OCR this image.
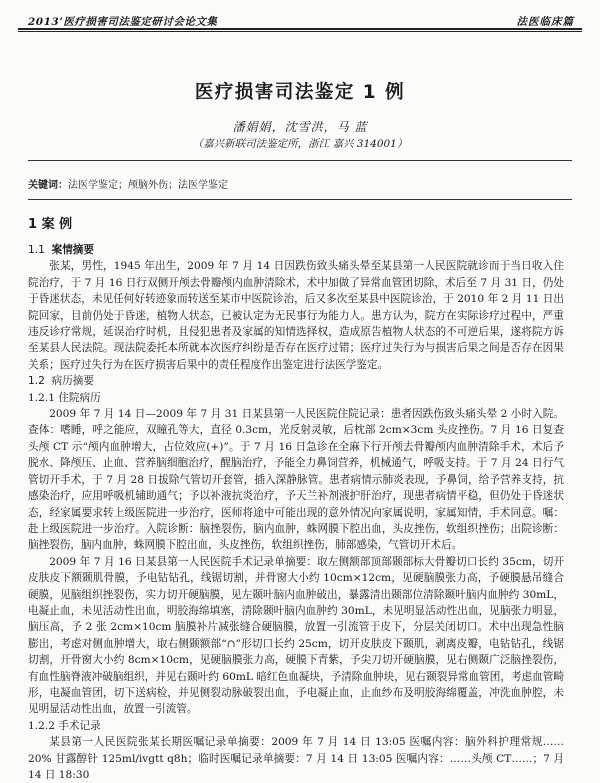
2013’医疗损害司法鉴定研讨会论文集	法医临床篇
医疗损害司法鉴定 1 例
潘娟娟，沈雪洪，马 蓝
（嘉兴新联司法鉴定所，浙江 嘉兴 314001）
关键词：法医学鉴定；颅脑外伤；法医学鉴定
1 案 例
1.1 案情摘要

张某，男性，1945 年出生，2009 年 7 月 14 日因跌伤致头痛头晕至某县第一人民医院就诊而于当日收入住院治疗，于 7 月 16 日行双侧开颅去骨瓣颅内血肿清除术，术中加做了异常血管团切除，术后至 7 月 31 日，仍处于昏迷状态，未见任何好转迹象而转送至某市中医院诊治，后又多次至某县中医院诊治，于 2010 年 2 月 11 日出院回家，目前仍处于昏迷，植物人状态，已被认定为无民事行为能力人。患方认为，院方在实际诊疗过程中，严重违反诊疗常规，延误治疗时机，且侵犯患者及家属的知情选择权，造成原告植物人状态的不可逆后果，遂将院方诉至某县人民法院。现法院委托本所就本次医疗纠纷是否存在医疗过错；医疗过失行为与损害后果之间是否存在因果关系；医疗过失行为在医疗损害后果中的责任程度作出鉴定进行法医学鉴定。

1.2 病历摘要
1.2.1 住院病历

2009 年 7 月 14 日—2009 年 7 月 31 日某县第一人民医院住院记录：患者因跌伤致头痛头晕 2 小时入院。查体：嗜睡，呼之能应，双瞳孔等大，直径 0.3cm，光反射灵敏，后枕部 2cm×3cm 头皮挫伤。7 月 16 日复查头颅 CT 示“颅内血肿增大，占位效应(+)”。于 7 月 16 日急诊在全麻下行开颅去骨瓣颅内血肿清除手术，术后予脱水、降颅压、止血、营养脑细胞治疗，醒脑治疗，予能全力鼻饲营养，机械通气，呼吸支持。于 7 月 24 日行气管切开手术，于 7 月 28 日拔除气管切开套管，插入深静脉管。患者病情示肺炎表现，予鼻饲，给予营养支持，抗感染治疗，应用呼吸机辅助通气；予以补液抗炎治疗，予天兰补剂液护肝治疗，现患者病情平稳，但仍处于昏迷状态，经家属要求转上级医院进一步治疗，医师将途中可能出现的意外情况向家属说明，家属知情，手术同意。嘱：赴上级医院进一步治疗。入院诊断：脑挫裂伤，脑内血肿，蛛网膜下腔出血，头皮挫伤，软组织挫伤；出院诊断：脑挫裂伤，脑内血肿，蛛网膜下腔出血，头皮挫伤，软组织挫伤，肺部感染，气管切开术后。

2009 年 7 月 16 日某县第一人民医院手术记录单摘要：取左侧额部顶部颞部标大骨瓣切口长约 35cm，切开皮肤皮下额颞肌骨膜，予电钻钻孔，线锯切割，并骨窗大小约 10cm×12cm，见硬脑膜张力高，予硬膜悬吊缝合硬膜，见脑组织挫裂伤，实力切开硬脑膜，见左颞叶脑内血肿破出，暴露清出颞部位清除颞叶脑内血肿约 30mL，电凝止血，未见活动性出血，明胶海绵填塞，清除颞叶脑内血肿约 30mL，未见明显活动性出血，见脑张力明显，脑压高，予 2 张 2cm×10cm 脑膜补片减张缝合硬脑膜，放置一引流管于皮下，分层关闭切口。术中出现急性脑膨出，考虑对侧血肿增大，取右侧颞额部“∩”形切口长约 25cm，切开皮肤皮下颞肌，剥离皮瓣，电钻钻孔，线锯切割，开骨窗大小约 8cm×10cm，见硬脑膜张力高，硬膜下青紫，予尖刀切开硬脑膜，见右侧颞广泛脑挫裂伤，有血性脑脊液冲破脑组织，并见右颞叶约 60mL 暗红色血凝块，予清除血肿块，见右颞裂异常血管团，考虑血管畸形，电凝血管团，切下送病检，并见侧裂动脉破裂出血，予电凝止血，止血纱布及明胶海绵覆盖，冲洗血肿腔，未见明显活动性出血，放置一引流管。

1.2.2 手术记录

某县第一人民医院张某长期医嘱记录单摘要：2009 年 7 月 14 日 13:05 医嘱内容：脑外科护理常规……20% 甘露醇针 125ml/ivgtt q8h；临时医嘱记录单摘要：7 月 14 日 13:05 医嘱内容：……头颅 CT……；7 月 14 日 18:30
